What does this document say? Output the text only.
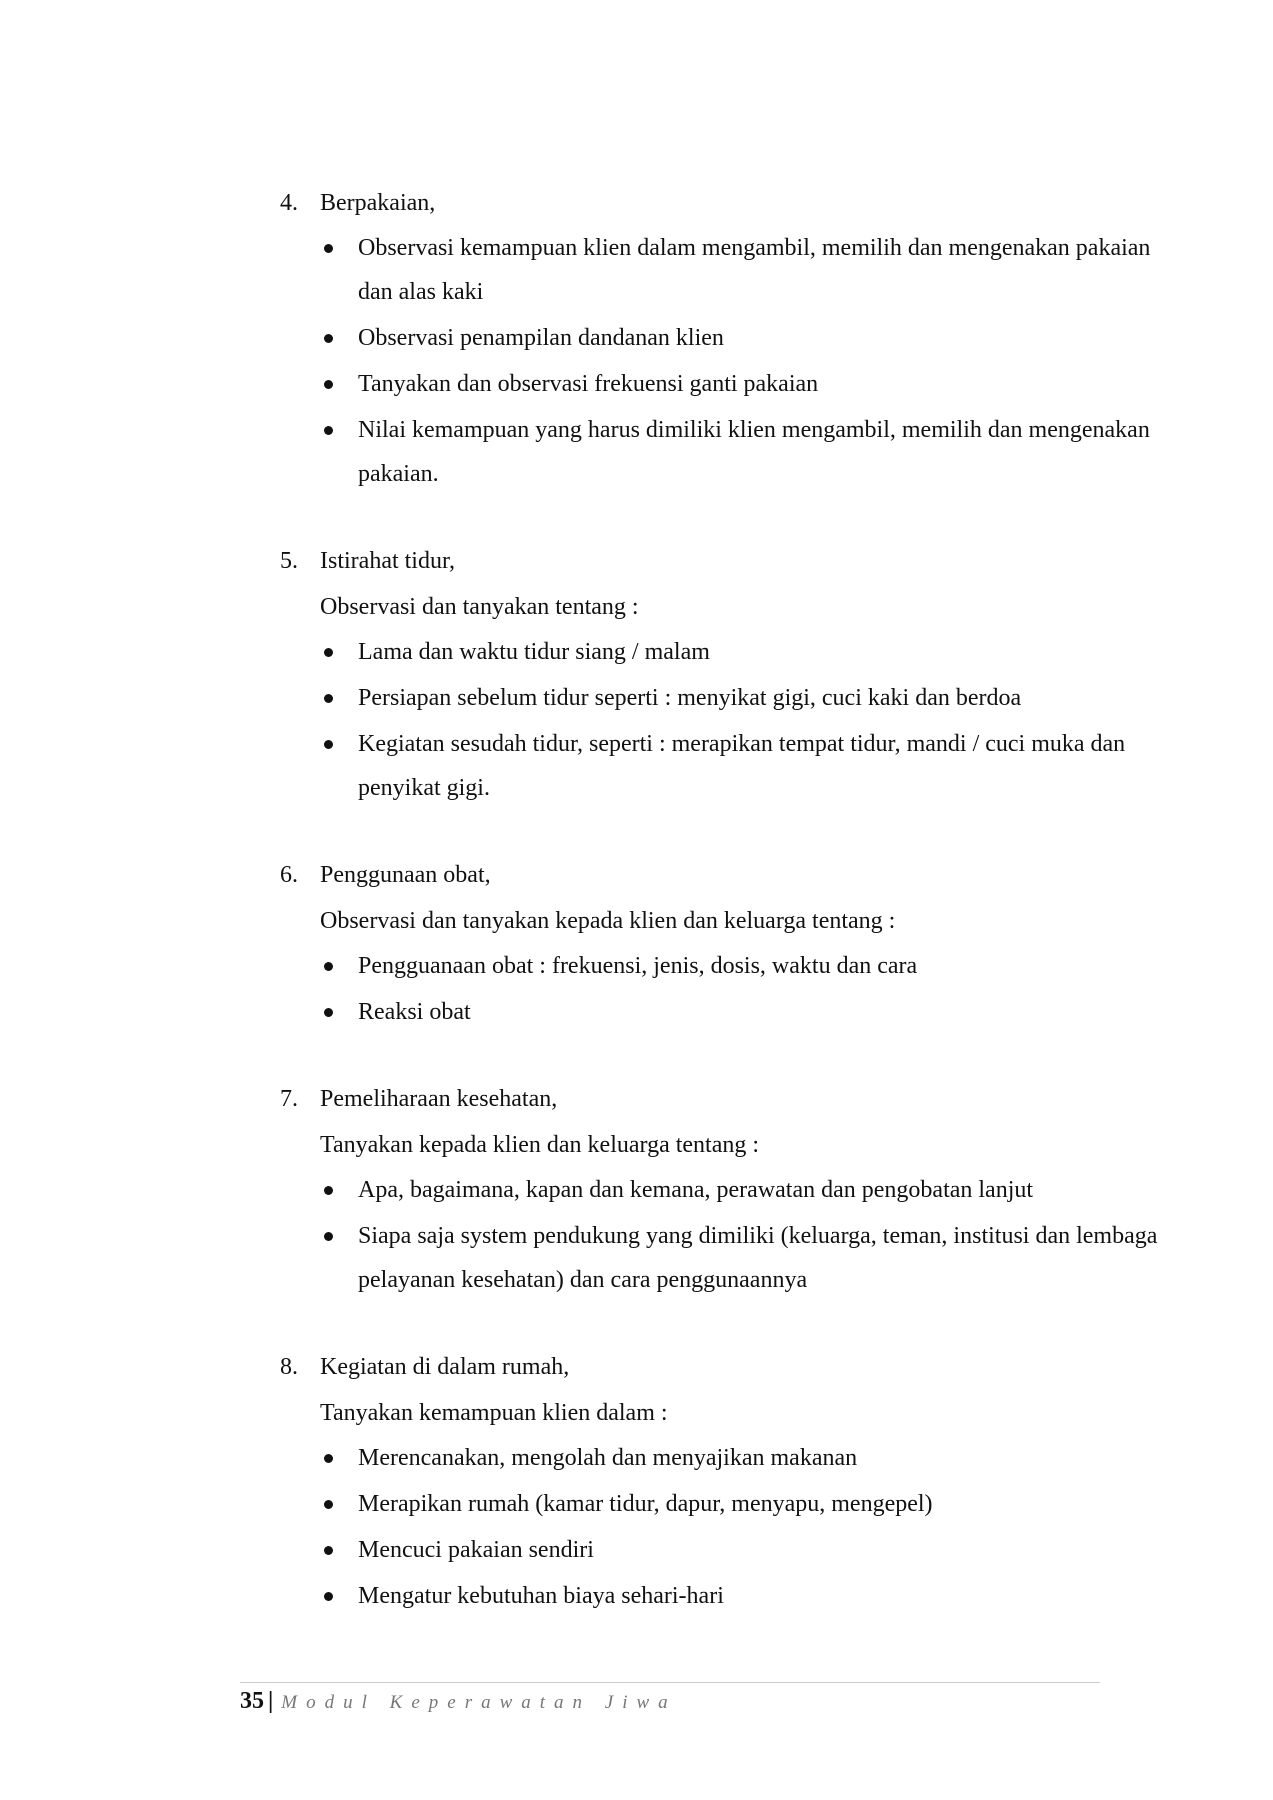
4. Berpakaian,
Observasi kemampuan klien dalam mengambil, memilih dan mengenakan pakaian dan alas kaki
Observasi penampilan dandanan klien
Tanyakan dan observasi frekuensi ganti pakaian
Nilai kemampuan yang harus dimiliki klien mengambil, memilih dan mengenakan pakaian.
5. Istirahat tidur,
Observasi dan tanyakan tentang :
Lama dan waktu tidur siang / malam
Persiapan sebelum tidur seperti : menyikat gigi, cuci kaki dan berdoa
Kegiatan sesudah tidur, seperti : merapikan tempat tidur, mandi / cuci muka dan penyikat gigi.
6. Penggunaan obat,
Observasi dan tanyakan kepada klien dan keluarga tentang :
Pengguanaan obat : frekuensi, jenis, dosis, waktu dan cara
Reaksi obat
7. Pemeliharaan kesehatan,
Tanyakan kepada klien dan keluarga tentang :
Apa, bagaimana, kapan dan kemana, perawatan dan pengobatan lanjut
Siapa saja system pendukung yang dimiliki (keluarga, teman, institusi dan lembaga pelayanan kesehatan) dan cara penggunaannya
8. Kegiatan di dalam rumah,
Tanyakan kemampuan klien dalam :
Merencanakan, mengolah dan menyajikan makanan
Merapikan rumah (kamar tidur, dapur, menyapu, mengepel)
Mencuci pakaian sendiri
Mengatur kebutuhan biaya sehari-hari
35 | Modul Keperawatan Jiwa
